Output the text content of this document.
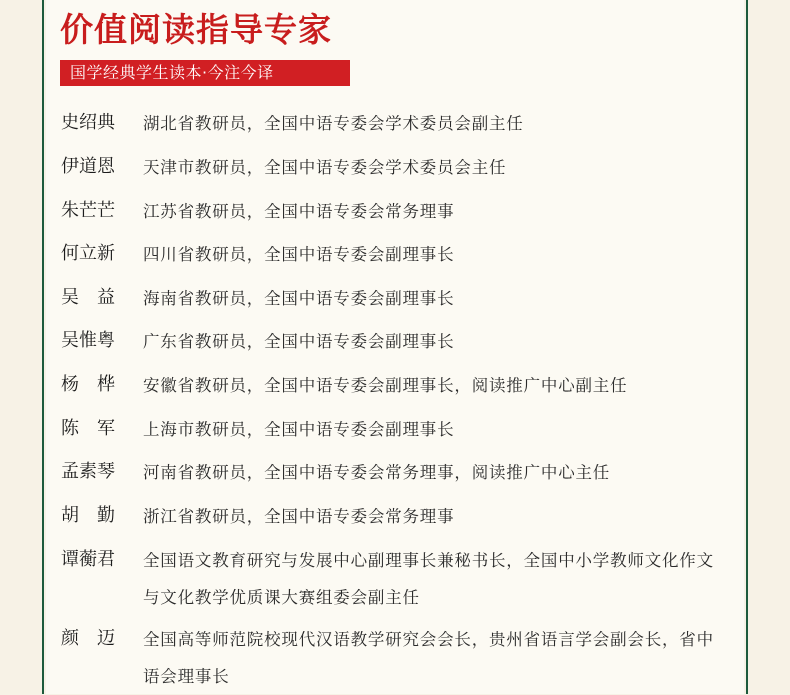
价值阅读指导专家
国学经典学生读本·今注今译
史绍典	湖北省教研员，全国中语专委会学术委员会副主任
伊道恩	天津市教研员，全国中语专委会学术委员会主任
朱芒芒	江苏省教研员，全国中语专委会常务理事
何立新	四川省教研员，全国中语专委会副理事长
吴　益	海南省教研员，全国中语专委会副理事长
吴惟粤	广东省教研员，全国中语专委会副理事长
杨　桦	安徽省教研员，全国中语专委会副理事长，阅读推广中心副主任
陈　军	上海市教研员，全国中语专委会副理事长
孟素琴	河南省教研员，全国中语专委会常务理事，阅读推广中心主任
胡　勤	浙江省教研员，全国中语专委会常务理事
谭蘅君	全国语文教育研究与发展中心副理事长兼秘书长，全国中小学教师文化作文与文化教学优质课大赛组委会副主任
颜　迈	全国高等师范院校现代汉语教学研究会会长，贵州省语言学会副会长，省中语会理事长
